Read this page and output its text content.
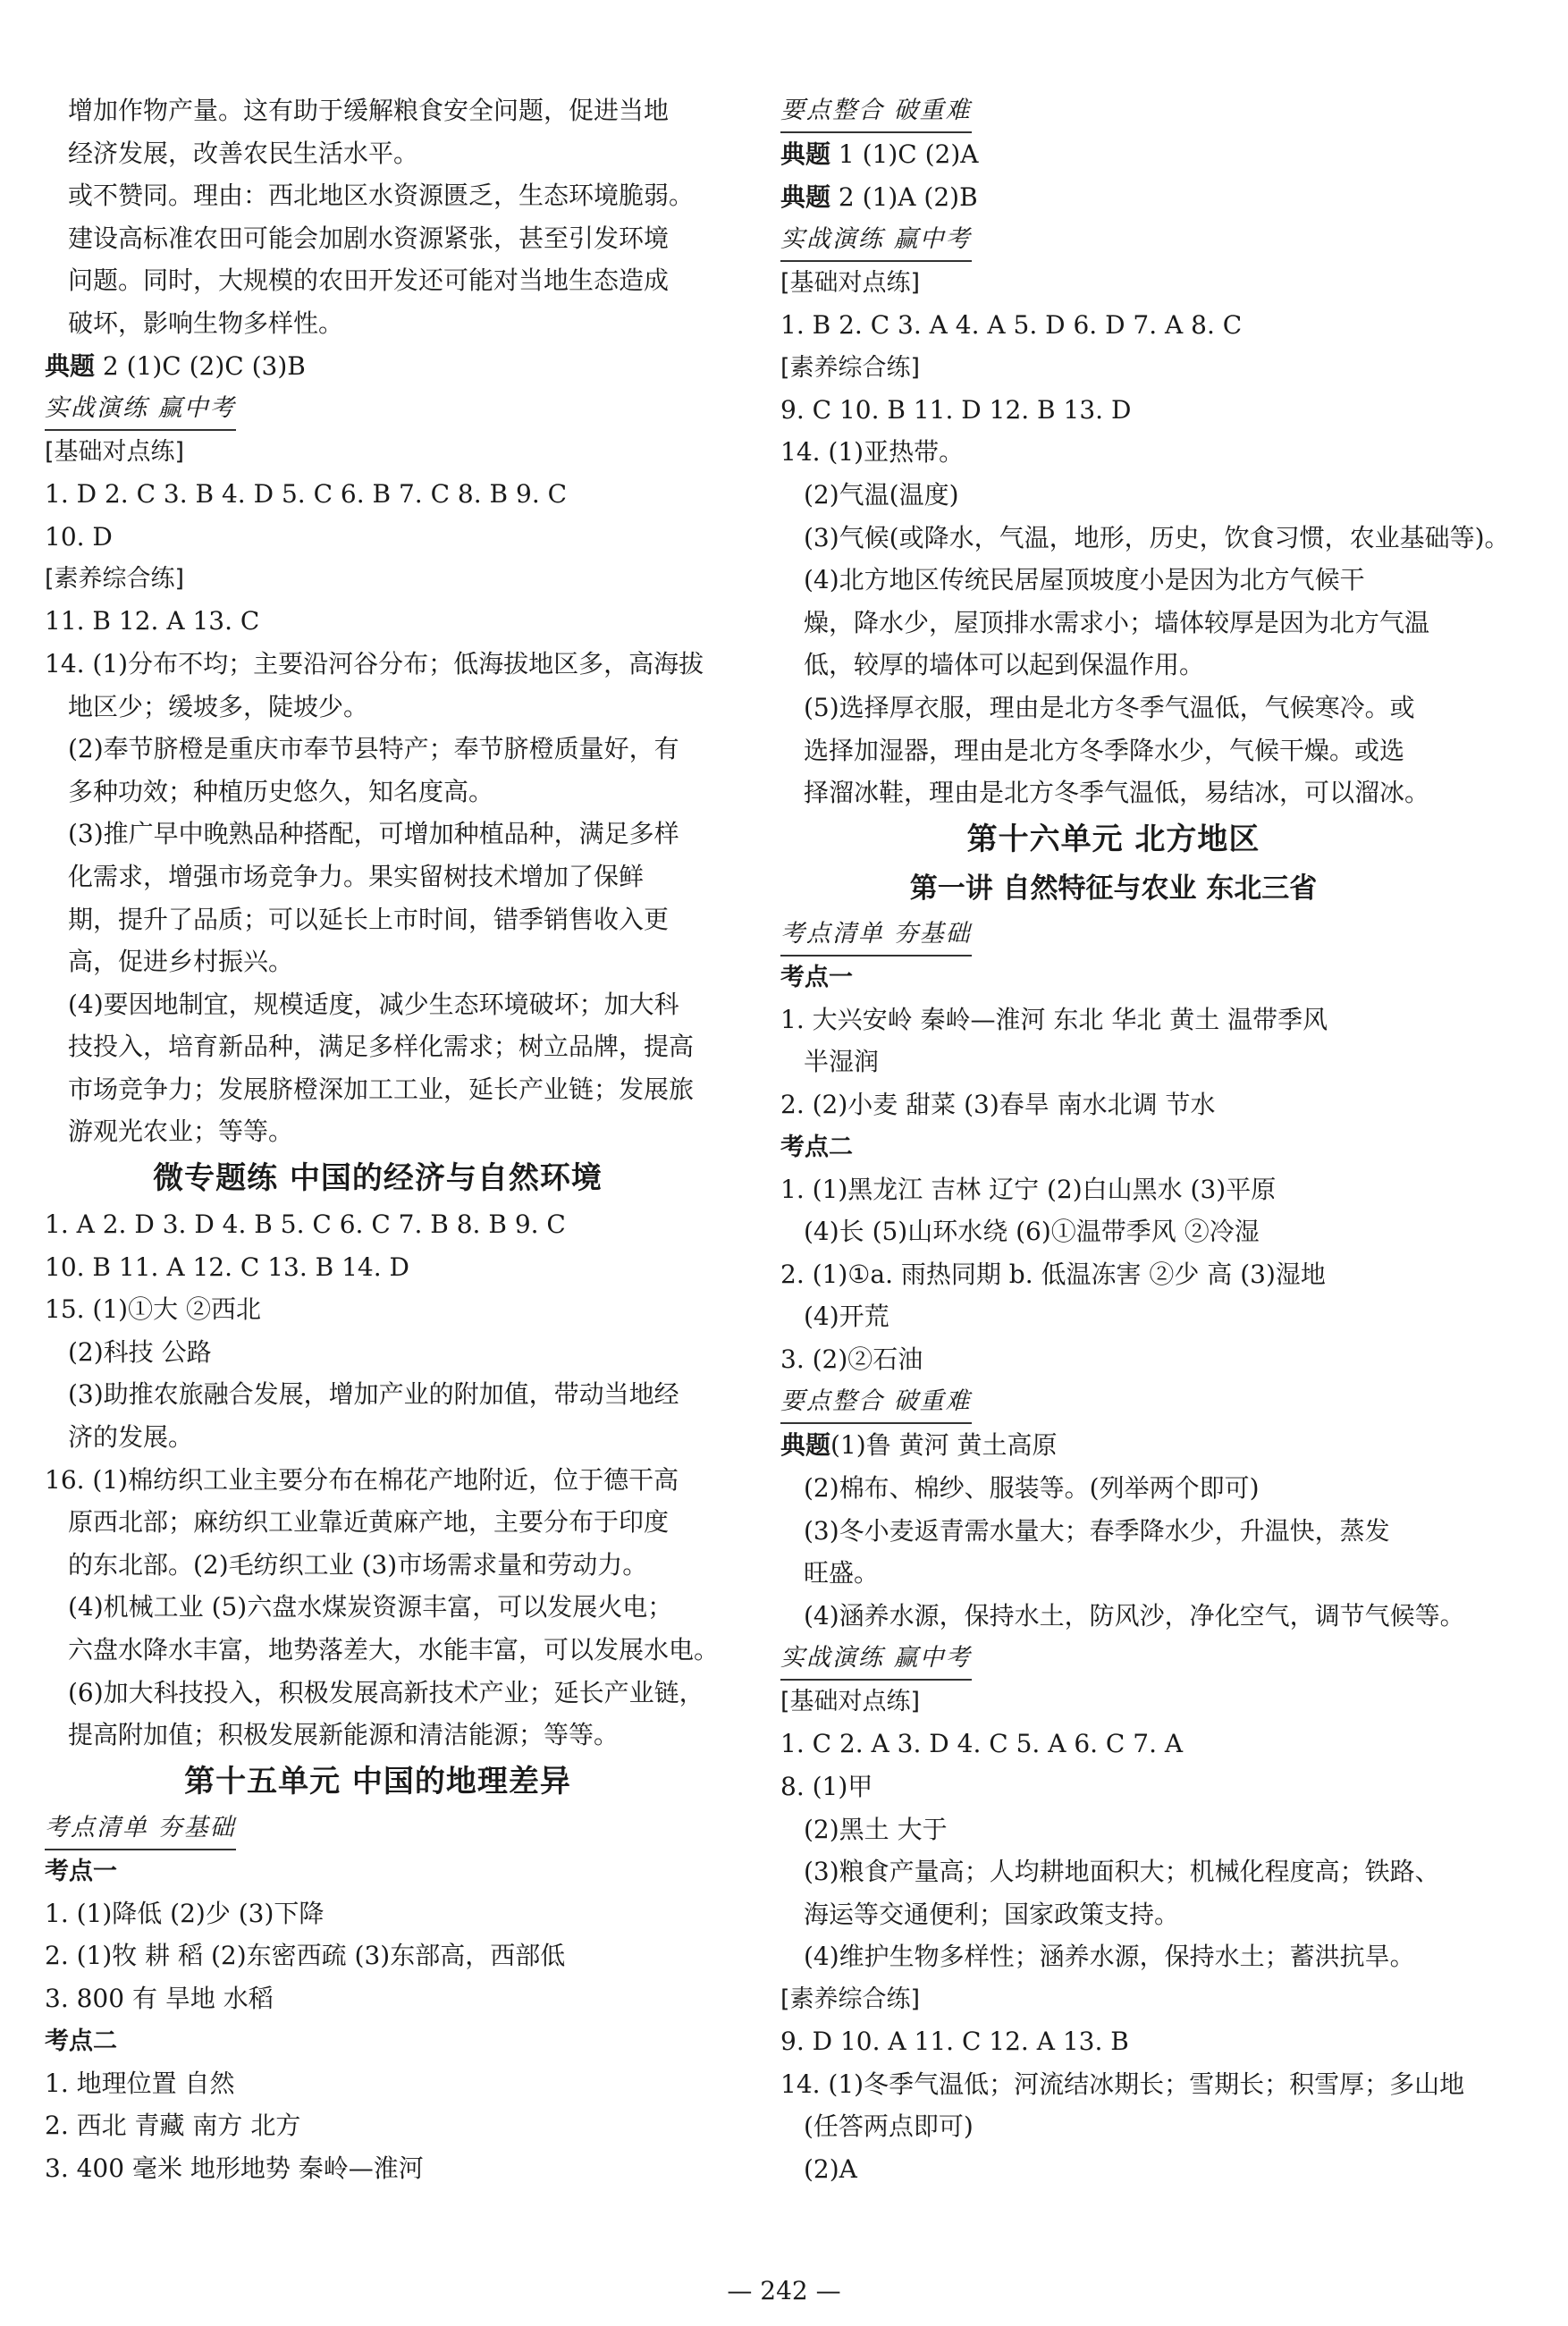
增加作物产量。这有助于缓解粮食安全问题，促进当地
经济发展，改善农民生活水平。
或不赞同。理由：西北地区水资源匮乏，生态环境脆弱。
建设高标准农田可能会加剧水资源紧张，甚至引发环境
问题。同时，大规模的农田开发还可能对当地生态造成
破坏，影响生物多样性。
典题 2 (1)C (2)C (3)B
实战演练 赢中考
[基础对点练]
1. D 2. C 3. B 4. D 5. C 6. B 7. C 8. B 9. C
10. D
[素养综合练]
11. B 12. A 13. C
14. (1)分布不均；主要沿河谷分布；低海拔地区多，高海拔
地区少；缓坡多，陡坡少。
(2)奉节脐橙是重庆市奉节县特产；奉节脐橙质量好，有
多种功效；种植历史悠久，知名度高。
(3)推广早中晚熟品种搭配，可增加种植品种，满足多样
化需求，增强市场竞争力。果实留树技术增加了保鲜
期，提升了品质；可以延长上市时间，错季销售收入更
高，促进乡村振兴。
(4)要因地制宜，规模适度，减少生态环境破坏；加大科
技投入，培育新品种，满足多样化需求；树立品牌，提高
市场竞争力；发展脐橙深加工工业，延长产业链；发展旅
游观光农业；等等。
微专题练 中国的经济与自然环境
1. A 2. D 3. D 4. B 5. C 6. C 7. B 8. B 9. C
10. B 11. A 12. C 13. B 14. D
15. (1)①大 ②西北
(2)科技 公路
(3)助推农旅融合发展，增加产业的附加值，带动当地经
济的发展。
16. (1)棉纺织工业主要分布在棉花产地附近，位于德干高
原西北部；麻纺织工业靠近黄麻产地，主要分布于印度
的东北部。(2)毛纺织工业 (3)市场需求量和劳动力。
(4)机械工业 (5)六盘水煤炭资源丰富，可以发展火电；
六盘水降水丰富，地势落差大，水能丰富，可以发展水电。
(6)加大科技投入，积极发展高新技术产业；延长产业链，
提高附加值；积极发展新能源和清洁能源；等等。
第十五单元 中国的地理差异
考点清单 夯基础
考点一
1. (1)降低 (2)少 (3)下降
2. (1)牧 耕 稻 (2)东密西疏 (3)东部高，西部低
3. 800 有 旱地 水稻
考点二
1. 地理位置 自然
2. 西北 青藏 南方 北方
3. 400 毫米 地形地势 秦岭—淮河
要点整合 破重难
典题 1 (1)C (2)A
典题 2 (1)A (2)B
实战演练 赢中考
[基础对点练]
1. B 2. C 3. A 4. A 5. D 6. D 7. A 8. C
[素养综合练]
9. C 10. B 11. D 12. B 13. D
14. (1)亚热带。
(2)气温(温度)
(3)气候(或降水，气温，地形，历史，饮食习惯，农业基础等)。
(4)北方地区传统民居屋顶坡度小是因为北方气候干
燥，降水少，屋顶排水需求小；墙体较厚是因为北方气温
低，较厚的墙体可以起到保温作用。
(5)选择厚衣服，理由是北方冬季气温低，气候寒冷。或
选择加湿器，理由是北方冬季降水少，气候干燥。或选
择溜冰鞋，理由是北方冬季气温低，易结冰，可以溜冰。
第十六单元 北方地区
第一讲 自然特征与农业 东北三省
考点清单 夯基础
考点一
1. 大兴安岭 秦岭—淮河 东北 华北 黄土 温带季风
半湿润
2. (2)小麦 甜菜 (3)春旱 南水北调 节水
考点二
1. (1)黑龙江 吉林 辽宁 (2)白山黑水 (3)平原
(4)长 (5)山环水绕 (6)①温带季风 ②冷湿
2. (1)①a. 雨热同期 b. 低温冻害 ②少 高 (3)湿地
(4)开荒
3. (2)②石油
要点整合 破重难
典题(1)鲁 黄河 黄土高原
(2)棉布、棉纱、服装等。(列举两个即可)
(3)冬小麦返青需水量大；春季降水少，升温快，蒸发
旺盛。
(4)涵养水源，保持水土，防风沙，净化空气，调节气候等。
实战演练 赢中考
[基础对点练]
1. C 2. A 3. D 4. C 5. A 6. C 7. A
8. (1)甲
(2)黑土 大于
(3)粮食产量高；人均耕地面积大；机械化程度高；铁路、
海运等交通便利；国家政策支持。
(4)维护生物多样性；涵养水源，保持水土；蓄洪抗旱。
[素养综合练]
9. D 10. A 11. C 12. A 13. B
14. (1)冬季气温低；河流结冰期长；雪期长；积雪厚；多山地
(任答两点即可)
(2)A
— 242 —
